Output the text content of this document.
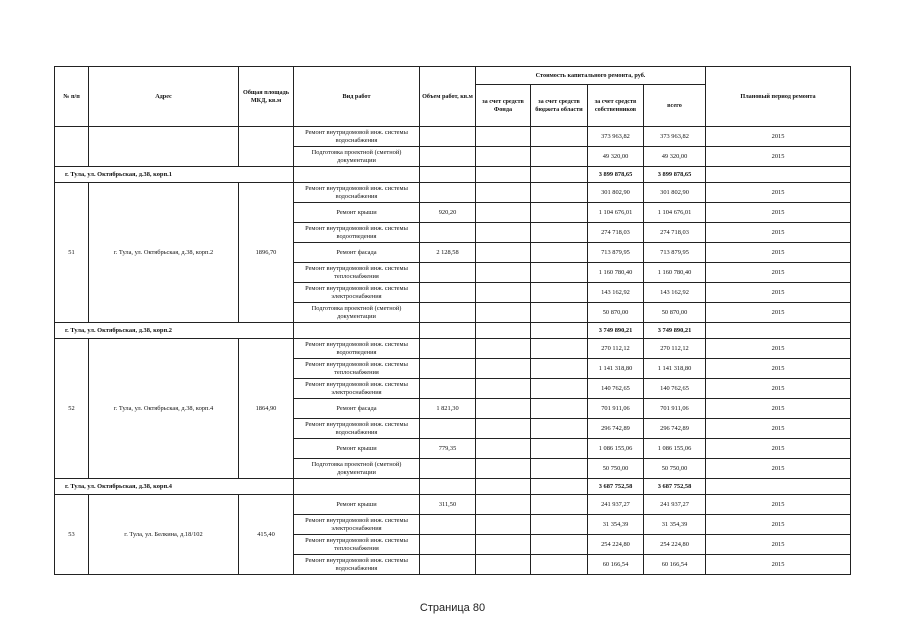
№ п/п	Адрес	Общая площадь МКД, кв.м	Вид работ	Объем работ, кв.м	Стоимость капитального ремонта, руб.				Плановый период ремонта
					за счет средств Фонда	за счет средств бюджета области	за счет средств собственников	всего	
			Ремонт внутридомовой инж. системы водоснабжения				373 963,82	373 963,82	2015
			Подготовка проектной (сметной) документации				49 320,00	49 320,00	2015
г. Тула, ул. Октябрьская, д.38, корп.1							3 899 878,65	3 899 878,65	
51	г. Тула, ул. Октябрьская, д.38, корп.2	1896,70	Ремонт внутридомовой инж. системы водоснабжения				301 802,90	301 802,90	2015
			Ремонт крыши	920,20			1 104 676,01	1 104 676,01	2015
			Ремонт внутридомовой инж. системы водоотведения				274 718,03	274 718,03	2015
			Ремонт фасада	2 128,58			713 879,95	713 879,95	2015
			Ремонт внутридомовой инж. системы теплоснабжения				1 160 780,40	1 160 780,40	2015
			Ремонт внутридомовой инж. системы электроснабжения				143 162,92	143 162,92	2015
			Подготовка проектной (сметной) документации				50 870,00	50 870,00	2015
г. Тула, ул. Октябрьская, д.38, корп.2							3 749 890,21	3 749 890,21	
52	г. Тула, ул. Октябрьская, д.38, корп.4	1864,90	Ремонт внутридомовой инж. системы водоотведения				270 112,12	270 112,12	2015
			Ремонт внутридомовой инж. системы теплоснабжения				1 141 318,80	1 141 318,80	2015
			Ремонт внутридомовой инж. системы электроснабжения				140 762,65	140 762,65	2015
			Ремонт фасада	1 821,30			701 911,06	701 911,06	2015
			Ремонт внутридомовой инж. системы водоснабжения				296 742,89	296 742,89	2015
			Ремонт крыши	779,35			1 086 155,06	1 086 155,06	2015
			Подготовка проектной (сметной) документации				50 750,00	50 750,00	2015
г. Тула, ул. Октябрьская, д.38, корп.4							3 687 752,58	3 687 752,58	
53	г. Тула, ул. Белкина, д.18/102	415,40	Ремонт крыши	311,50			241 937,27	241 937,27	2015
			Ремонт внутридомовой инж. системы электроснабжения				31 354,39	31 354,39	2015
			Ремонт внутридомовой инж. системы теплоснабжения				254 224,80	254 224,80	2015
			Ремонт внутридомовой инж. системы водоснабжения				60 166,54	60 166,54	2015
Страница 80
